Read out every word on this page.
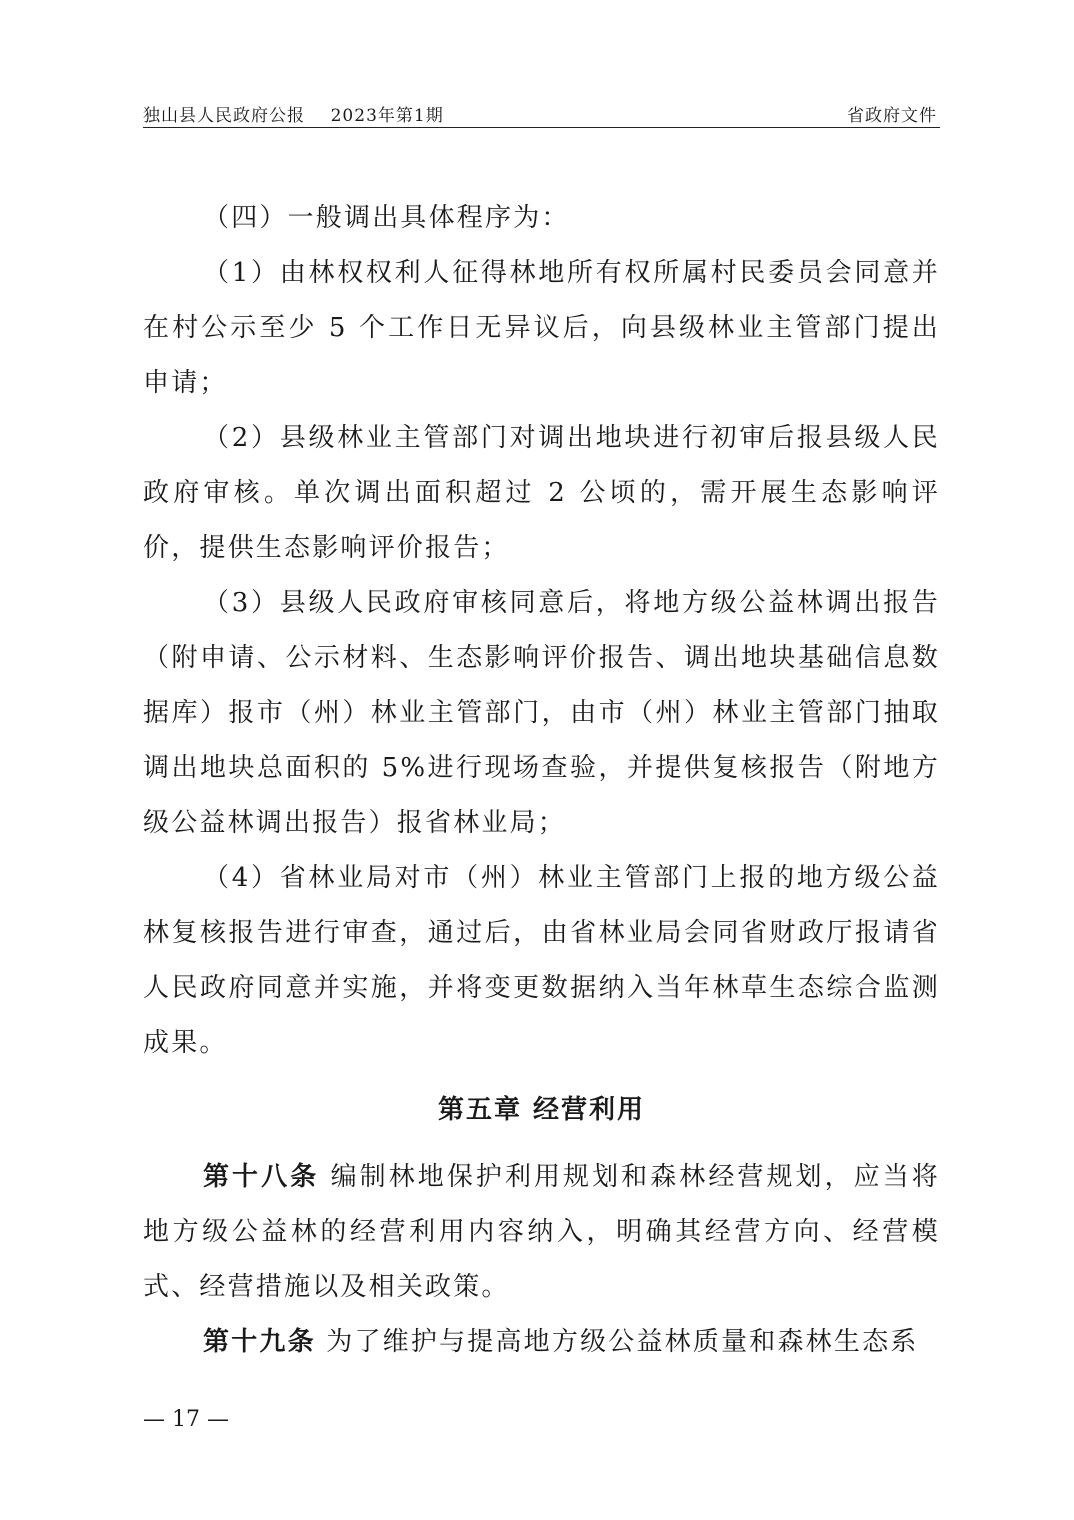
独山县人民政府公报    2023年第1期	省政府文件

（四）一般调出具体程序为：

（1）由林权权利人征得林地所有权所属村民委员会同意并在村公示至少 5 个工作日无异议后，向县级林业主管部门提出申请；

（2）县级林业主管部门对调出地块进行初审后报县级人民政府审核。单次调出面积超过 2 公顷的，需开展生态影响评价，提供生态影响评价报告；

（3）县级人民政府审核同意后，将地方级公益林调出报告（附申请、公示材料、生态影响评价报告、调出地块基础信息数据库）报市（州）林业主管部门，由市（州）林业主管部门抽取调出地块总面积的 5%进行现场查验，并提供复核报告（附地方级公益林调出报告）报省林业局；

（4）省林业局对市（州）林业主管部门上报的地方级公益林复核报告进行审查，通过后，由省林业局会同省财政厅报请省人民政府同意并实施，并将变更数据纳入当年林草生态综合监测成果。

第五章 经营利用

第十八条 编制林地保护利用规划和森林经营规划，应当将地方级公益林的经营利用内容纳入，明确其经营方向、经营模式、经营措施以及相关政策。

第十九条 为了维护与提高地方级公益林质量和森林生态系

— 17 —
